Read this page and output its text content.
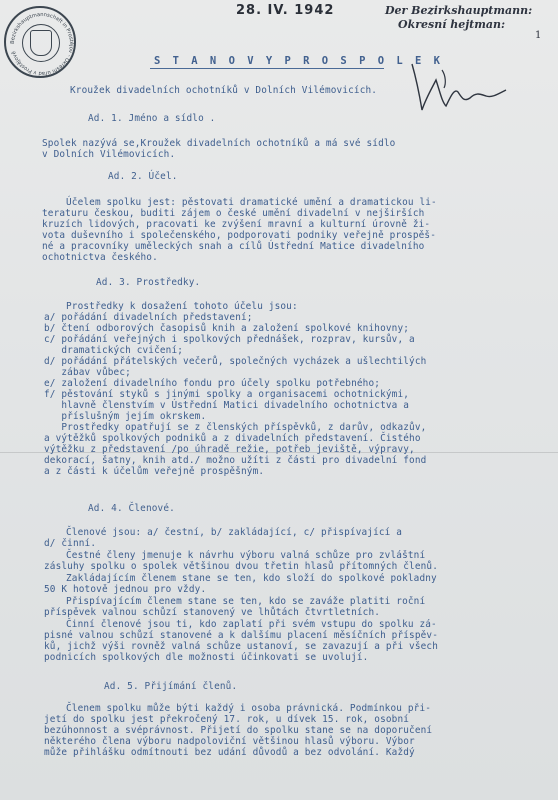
Bezirkshauptmannschaft in Prostějov - Okresní úřad v Prostějově
28. IV. 1942	Der Bezirkshauptmann:
Okresní hejtman:
1
S T A N O V Y P R O S P O L E K
Kroužek divadelních ochotníků v Dolních Vilémovicích.
Ad. 1. Jméno a sídlo .
Spolek nazývá se,Kroužek divadelních ochotníků a má své sídlo
v Dolních Vilémovicích.
Ad. 2. Účel.
Účelem spolku jest: pěstovati dramatické umění a dramatickou li-
teraturu českou, buditi zájem o české umění divadelní v nejširších
kruzích lidových, pracovati ke zvýšení mravní a kulturní úrovně ži-
vota duševního i společenského, podporovati podniky veřejně prospěš-
né a pracovníky uměleckých snah a cílů Ústřední Matice divadelního
ochotnictva českého.
Ad. 3. Prostředky.
Prostředky k dosažení tohoto účelu jsou:
a/ pořádání divadelních představení;
b/ čtení odborových časopisů knih a založení spolkové knihovny;
c/ pořádání veřejných i spolkových přednášek, rozprav, kursův, a
dramatických cvičení;
d/ pořádání přátelských večerů, společných vycházek a ušlechtilých
zábav vůbec;
e/ založení divadelního fondu pro účely spolku potřebného;
f/ pěstování styků s jinými spolky a organisacemi ochotnickými,
hlavně členstvím v Ústřední Matici divadelního ochotnictva a
příslušným jejím okrskem.
Prostředky opatřují se z členských příspěvků, z darův, odkazův,
a výtěžků spolkových podniků a z divadelních představení. Čistého
výtěžku z představení /po úhradě režie, potřeb jeviště, výpravy,
dekorací, šatny, knih atd./ možno užíti z části pro divadelní fond
a z části k účelům veřejně prospěšným.
Ad. 4. Členové.
Členové jsou: a/ čestní, b/ zakládající, c/ přispívající a
d/ činní.
Čestné členy jmenuje k návrhu výboru valná schůze pro zvláštní
zásluhy spolku o spolek většinou dvou třetin hlasů přítomných členů.
Zakládajícím členem stane se ten, kdo složí do spolkové pokladny
50 K hotově jednou pro vždy.
Přispívajícím členem stane se ten, kdo se zaváže platiti roční
příspěvek valnou schůzí stanovený ve lhůtách čtvrtletních.
Činní členové jsou ti, kdo zaplatí při svém vstupu do spolku zá-
pisné valnou schůzí stanovené a k dalšímu placení měsíčních příspěv-
ků, jichž výši rovněž valná schůze ustanoví, se zavazují a při všech
podnicích spolkových dle možnosti účinkovati se uvolují.
Ad. 5. Přijímání členů.
Členem spolku může býti každý i osoba právnická. Podmínkou při-
jetí do spolku jest překročený 17. rok, u dívek 15. rok, osobní
bezúhonnost a svéprávnost. Přijetí do spolku stane se na doporučení
některého člena výboru nadpoloviční většinou hlasů výboru. Výbor
může přihlášku odmítnouti bez udání důvodů a bez odvolání. Každý
